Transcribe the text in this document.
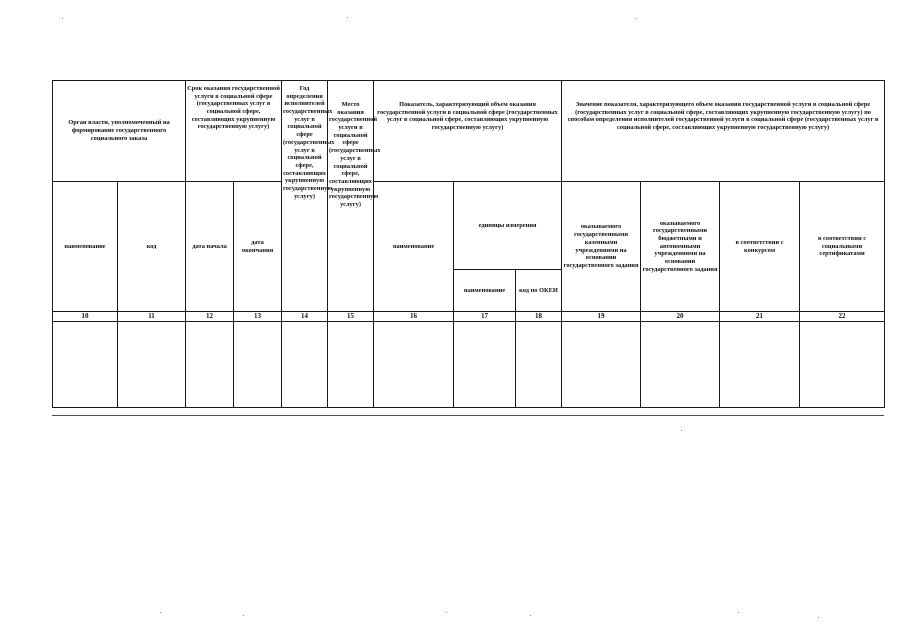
Орган власти, уполномоченный на формирование государственного социального заказа		Срок оказания государственной услуги в социальной сфере (государственных услуг в социальной сфере, составляющих укрупненную государственную услугу)		Год определения исполнителей государственных услуг в социальной сфере (государственных услуг в социальной сфере, составляющих укрупненную государственную услугу)	Место оказания государственной услуги в социальной сфере (государственных услуг в социальной сфере, составляющих укрупненную государственную услугу)	Показатель, характеризующий объем оказания государственной услуги в социальной сфере (государственных услуг в социальной сфере, составляющих укрупненную государственную услугу)			Значение показателя, характеризующего объем оказания государственной услуги в социальной сфере (государственных услуг в социальной сфере, составляющих укрупненную государственную услугу) по способам определения исполнителей государственной услуги в социальной сфере (государственных услуг в социальной сфере, составляющих укрупненную государственную услугу)			
наименование	код	дата начала	дата окончания			наименование	единицы измерения		оказываемого государственными казенными учреждениями на основании государственного задания	оказываемого государственными бюджетными и автономными учреждениями на основании государственного задания	в соответствии с конкурсом	в соответствии с социальными сертификатами
							наименование	код по ОКЕИ				
10	11	12	13	14	15	16	17	18	19	20	21	22
